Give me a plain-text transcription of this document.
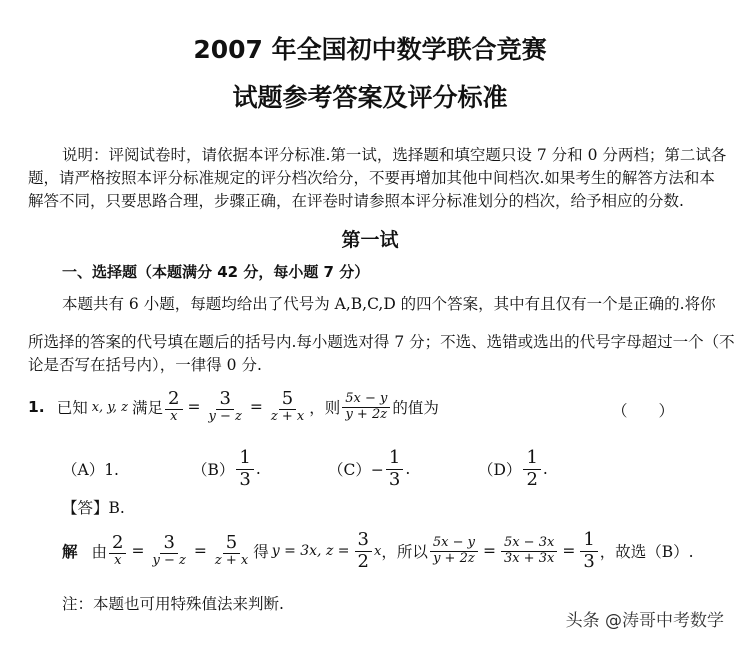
2007 年全国初中数学联合竞赛
试题参考答案及评分标准
说明：评阅试卷时，请依据本评分标准.第一试，选择题和填空题只设 7 分和 0 分两档；第二试各
题，请严格按照本评分标准规定的评分档次给分，不要再增加其他中间档次.如果考生的解答方法和本
解答不同，只要思路合理，步骤正确，在评卷时请参照本评分标准划分的档次，给予相应的分数.
第一试
一、选择题（本题满分 42 分，每小题 7 分）
本题共有 6 小题，每题均给出了代号为 A,B,C,D 的四个答案，其中有且仅有一个是正确的.将你
所选择的答案的代号填在题后的括号内.每小题选对得 7 分；不选、选错或选出的代号字母超过一个（不
论是否写在括号内），一律得 0 分.
1. 已知 x, y, z 满足 $\frac{2}{x} = \frac{3}{y - z} = \frac{5}{z + x}$ ，则 $\frac{5x - y}{y + 2z}$ 的值为	（　　）
（A）1.	$(B) \frac{1}{3}$ .	$(C)- \frac{1}{3}$ .	$(D) \frac{1}{2}$ .
【答】B.
解 由 $\frac{2}{x} = \frac{3}{y - z} = \frac{5}{z + x}$ 得 y = 3x, $z = \frac{3}{2}$ x ，所以 $\frac{5x - y}{y + 2z} = \frac{5x - 3x}{3x + 3x} = \frac{1}{3}$ ，故选（B）.
注：本题也可用特殊值法来判断.
头条 @涛哥中考数学
